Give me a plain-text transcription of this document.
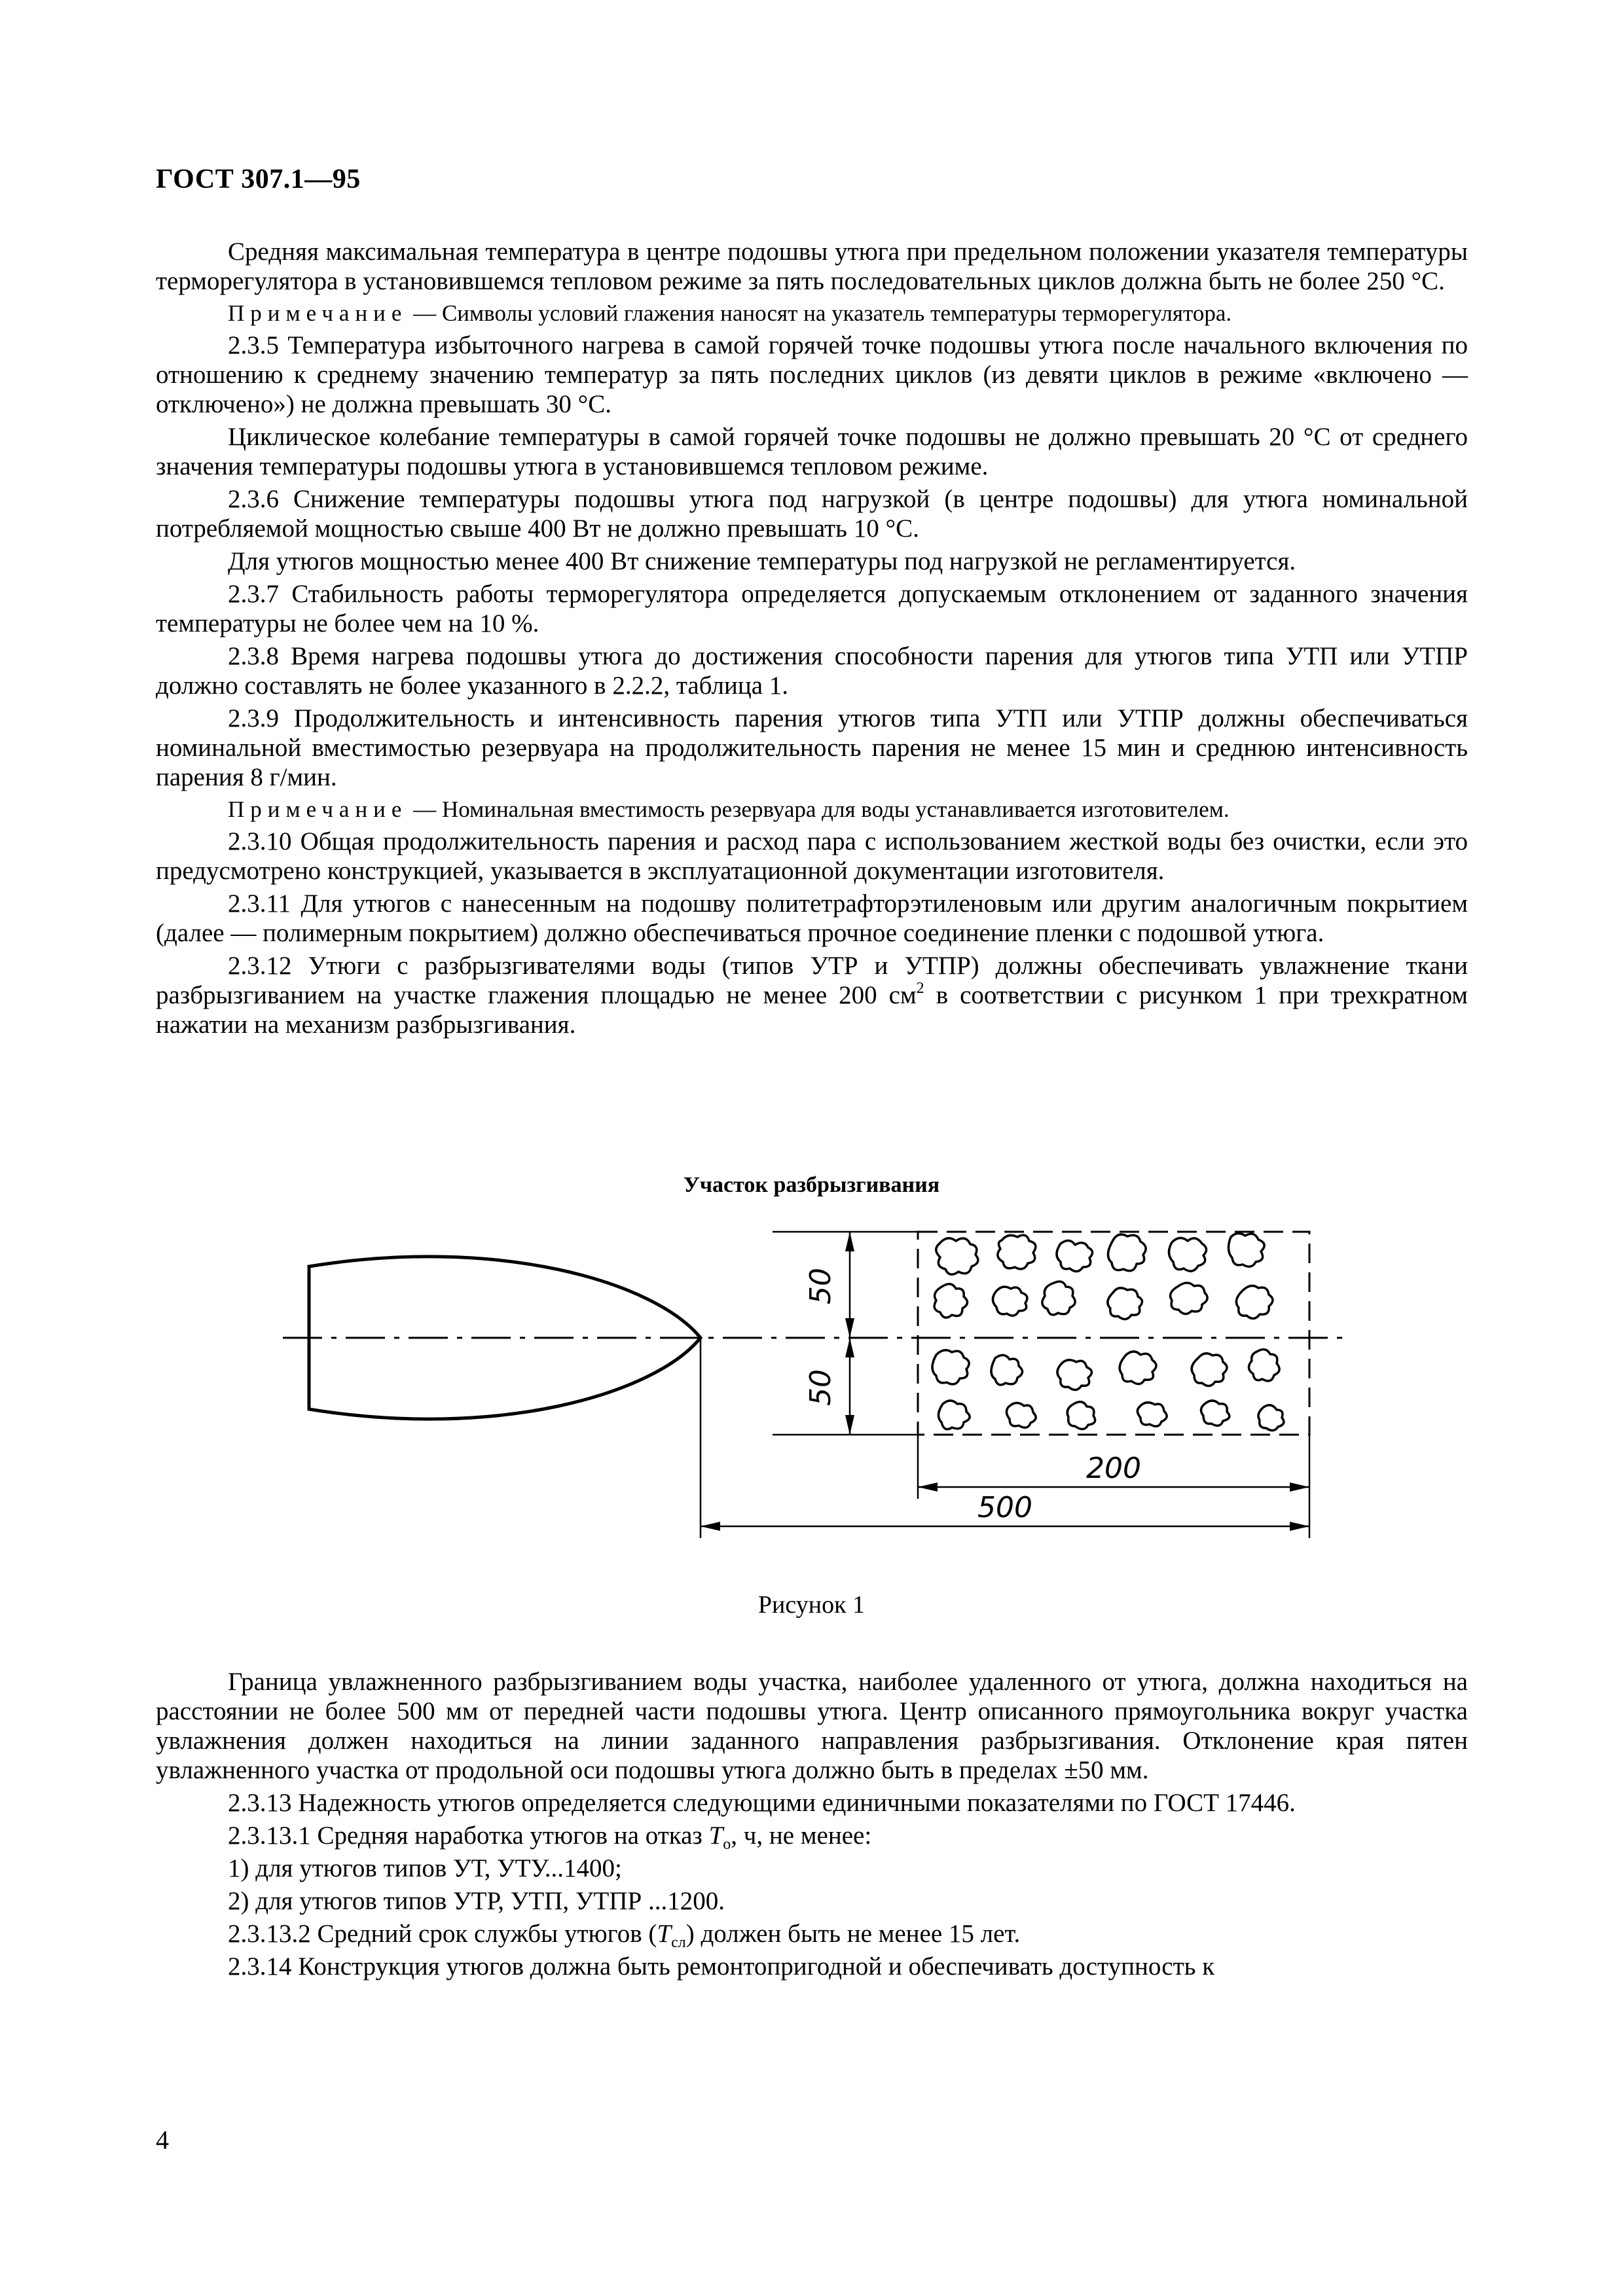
ГОСТ 307.1—95

Средняя максимальная температура в центре подошвы утюга при предельном положении указателя температуры терморегулятора в установившемся тепловом режиме за пять последовательных циклов должна быть не более 250 °С.

Примечание — Символы условий глажения наносят на указатель температуры терморегулятора.

2.3.5 Температура избыточного нагрева в самой горячей точке подошвы утюга после начального включения по отношению к среднему значению температур за пять последних циклов (из девяти циклов в режиме «включено — отключено») не должна превышать 30 °С.

Циклическое колебание температуры в самой горячей точке подошвы не должно превышать 20 °С от среднего значения температуры подошвы утюга в установившемся тепловом режиме.

2.3.6 Снижение температуры подошвы утюга под нагрузкой (в центре подошвы) для утюга номинальной потребляемой мощностью свыше 400 Вт не должно превышать 10 °С.

Для утюгов мощностью менее 400 Вт снижение температуры под нагрузкой не регламентируется.

2.3.7 Стабильность работы терморегулятора определяется допускаемым отклонением от заданного значения температуры не более чем на 10 %.

2.3.8 Время нагрева подошвы утюга до достижения способности парения для утюгов типа УТП или УТПР должно составлять не более указанного в 2.2.2, таблица 1.

2.3.9 Продолжительность и интенсивность парения утюгов типа УТП или УТПР должны обеспечиваться номинальной вместимостью резервуара на продолжительность парения не менее 15 мин и среднюю интенсивность парения 8 г/мин.

Примечание — Номинальная вместимость резервуара для воды устанавливается изготовителем.

2.3.10 Общая продолжительность парения и расход пара с использованием жесткой воды без очистки, если это предусмотрено конструкцией, указывается в эксплуатационной документации изготовителя.

2.3.11 Для утюгов с нанесенным на подошву политетрафторэтиленовым или другим аналогичным покрытием (далее — полимерным покрытием) должно обеспечиваться прочное соединение пленки с подошвой утюга.

2.3.12 Утюги с разбрызгивателями воды (типов УТР и УТПР) должны обеспечивать увлажнение ткани разбрызгиванием на участке глажения площадью не менее 200 $см^2$ в соответствии с рисунком 1 при трехкратном нажатии на механизм разбрызгивания.

Участок разбрызгивания
50
50
200
500
Рисунок 1

Граница увлажненного разбрызгиванием воды участка, наиболее удаленного от утюга, должна находиться на расстоянии не более 500 мм от передней части подошвы утюга. Центр описанного прямоугольника вокруг участка увлажнения должен находиться на линии заданного направления разбрызгивания. Отклонение края пятен увлажненного участка от продольной оси подошвы утюга должно быть в пределах ±50 мм.

2.3.13 Надежность утюгов определяется следующими единичными показателями по ГОСТ 17446.

2.3.13.1 Средняя наработка утюгов на отказ $Т_о$, ч, не менее:

1) для утюгов типов УТ, УТУ...1400;

2) для утюгов типов УТР, УТП, УТПР ...1200.

2.3.13.2 Средний срок службы утюгов $(Т_{сл})$ должен быть не менее 15 лет.

2.3.14 Конструкция утюгов должна быть ремонтопригодной и обеспечивать доступность к

4
